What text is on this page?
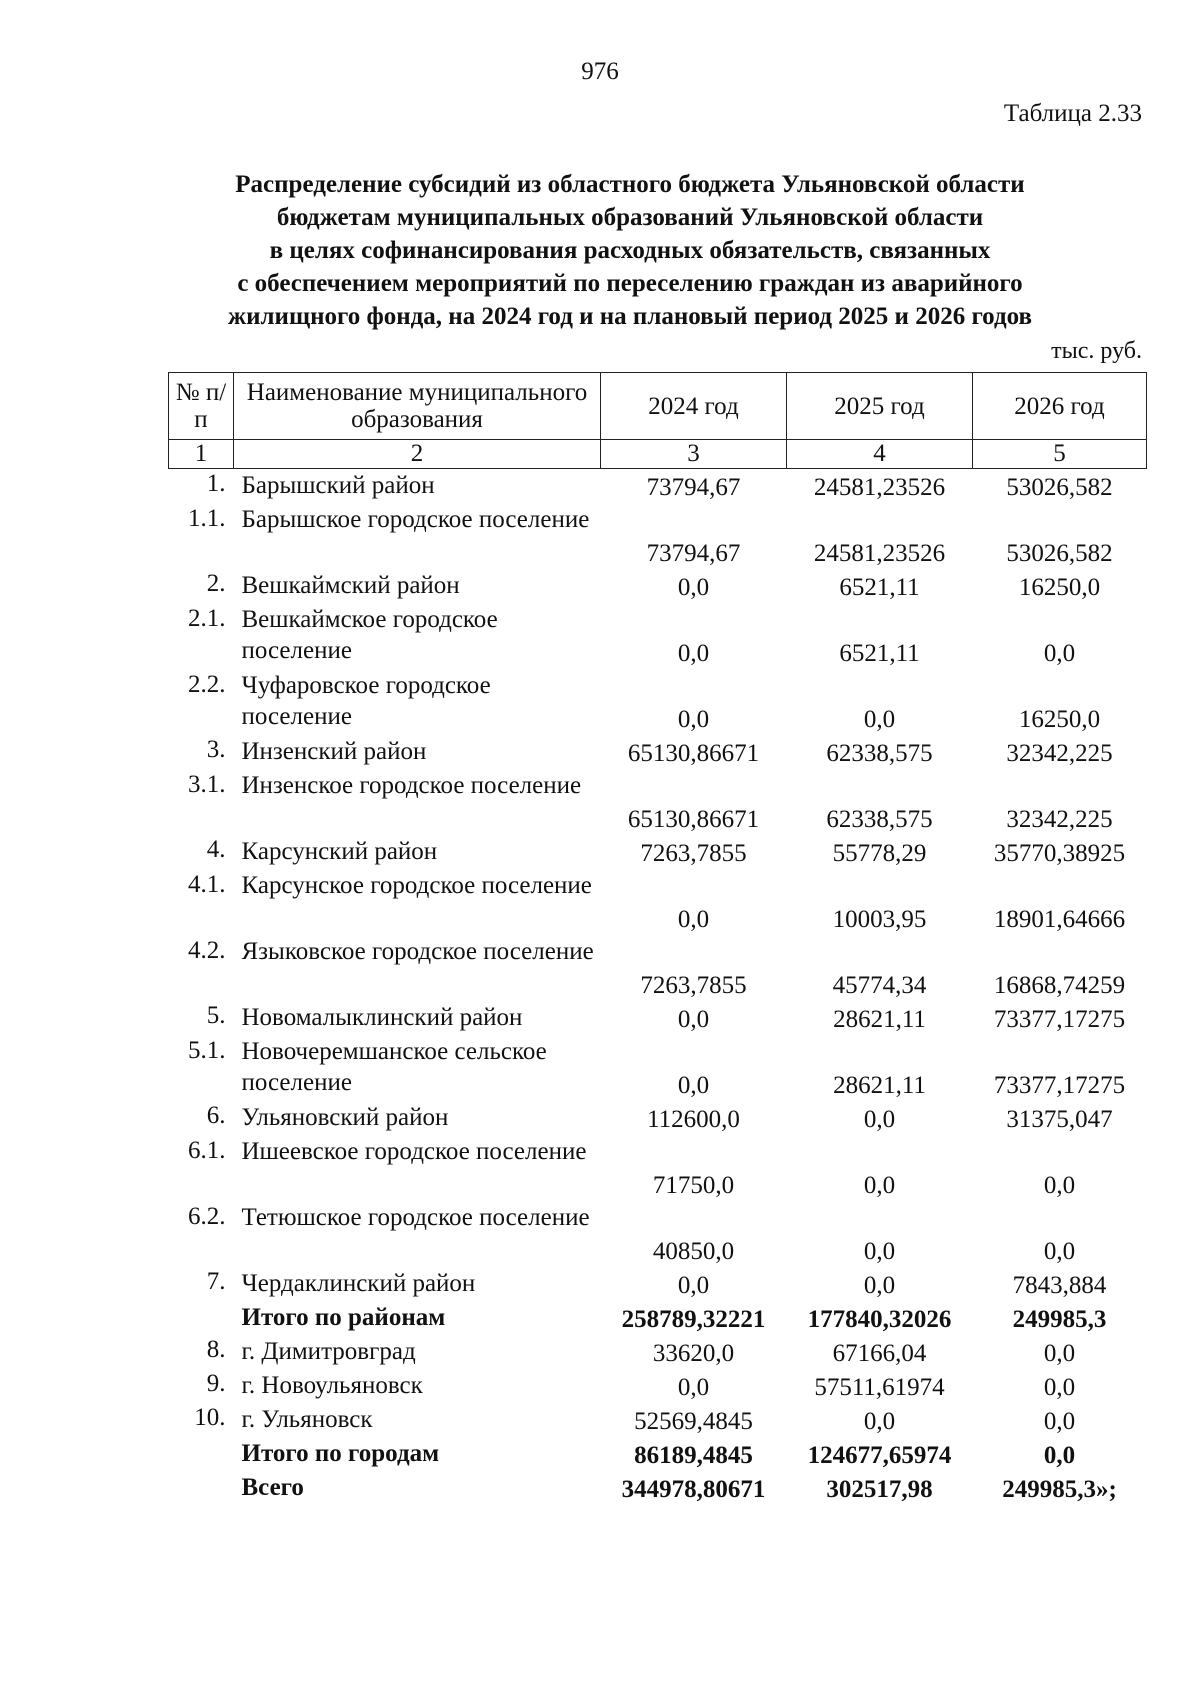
976
Таблица 2.33
Распределение субсидий из областного бюджета Ульяновской области
бюджетам муниципальных образований Ульяновской области
в целях софинансирования расходных обязательств, связанных
с обеспечением мероприятий по переселению граждан из аварийного
жилищного фонда, на 2024 год и на плановый период 2025 и 2026 годов
тыс. руб.
№ п/п	Наименование муниципального образования	2024 год	2025 год	2026 год
1	2	3	4	5
1.	Барышский район	73794,67	24581,23526	53026,582
1.1.	Барышское городское поселение	73794,67	24581,23526	53026,582
2.	Вешкаймский район	0,0	6521,11	16250,0
2.1.	Вешкаймское городское поселение	0,0	6521,11	0,0
2.2.	Чуфаровское городское поселение	0,0	0,0	16250,0
3.	Инзенский район	65130,86671	62338,575	32342,225
3.1.	Инзенское городское поселение	65130,86671	62338,575	32342,225
4.	Карсунский район	7263,7855	55778,29	35770,38925
4.1.	Карсунское городское поселение	0,0	10003,95	18901,64666
4.2.	Языковское городское поселение	7263,7855	45774,34	16868,74259
5.	Новомалыклинский район	0,0	28621,11	73377,17275
5.1.	Новочеремшанское сельское поселение	0,0	28621,11	73377,17275
6.	Ульяновский район	112600,0	0,0	31375,047
6.1.	Ишеевское городское поселение	71750,0	0,0	0,0
6.2.	Тетюшское городское поселение	40850,0	0,0	0,0
7.	Чердаклинский район	0,0	0,0	7843,884
	Итого по районам	258789,32221	177840,32026	249985,3
8.	г. Димитровград	33620,0	67166,04	0,0
9.	г. Новоульяновск	0,0	57511,61974	0,0
10.	г. Ульяновск	52569,4845	0,0	0,0
	Итого по городам	86189,4845	124677,65974	0,0
	Всего	344978,80671	302517,98	249985,3»;
